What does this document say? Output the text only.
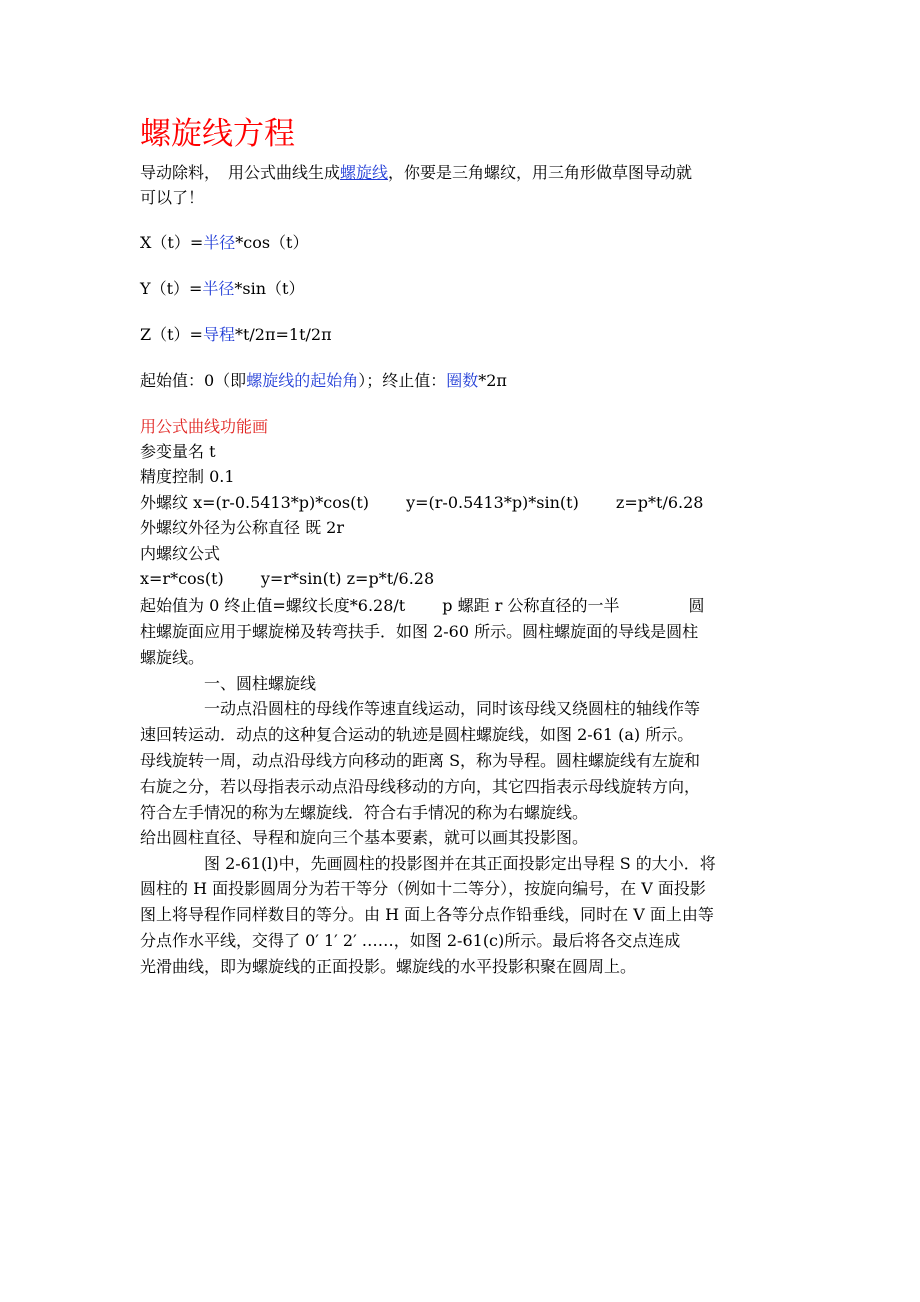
螺旋线方程
导动除料，　用公式曲线生成螺旋线，你要是三角螺纹，用三角形做草图导动就
可以了！
X（t）=半径*cos（t）
Y（t）=半径*sin（t）
Z（t）=导程*t/2π=1t/2π
起始值：0（即螺旋线的起始角）；终止值：圈数*2π
用公式曲线功能画
参变量名 t
精度控制 0.1
外螺纹 x=(r-0.5413*p)*cos(t)　　 y=(r-0.5413*p)*sin(t)　　 z=p*t/6.28
外螺纹外径为公称直径 既 2r
内螺纹公式
x=r*cos(t)　　 y=r*sin(t) z=p*t/6.28
起始值为 0 终止值=螺纹长度*6.28/t　　 p 螺距 r 公称直径的一半　　　　 圆
柱螺旋面应用于螺旋梯及转弯扶手．如图 2-60 所示。圆柱螺旋面的导线是圆柱
螺旋线。
一、圆柱螺旋线
一动点沿圆柱的母线作等速直线运动，同时该母线又绕圆柱的轴线作等
速回转运动．动点的这种复合运动的轨迹是圆柱螺旋线，如图 2-61 (a) 所示。
母线旋转一周，动点沿母线方向移动的距离 S，称为导程。圆柱螺旋线有左旋和
右旋之分，若以母指表示动点沿母线移动的方向，其它四指表示母线旋转方向，
符合左手情况的称为左螺旋线．符合右手情况的称为右螺旋线。
给出圆柱直径、导程和旋向三个基本要素，就可以画其投影图。
图 2-61(l)中，先画圆柱的投影图并在其正面投影定出导程 S 的大小．将
圆柱的 H 面投影圆周分为若干等分（例如十二等分），按旋向编号，在 V 面投影
图上将导程作同样数目的等分。由 H 面上各等分点作铅垂线，同时在 V 面上由等
分点作水平线，交得了 0′ 1′ 2′ ……，如图 2-61(c)所示。最后将各交点连成
光滑曲线，即为螺旋线的正面投影。螺旋线的水平投影积聚在圆周上。
